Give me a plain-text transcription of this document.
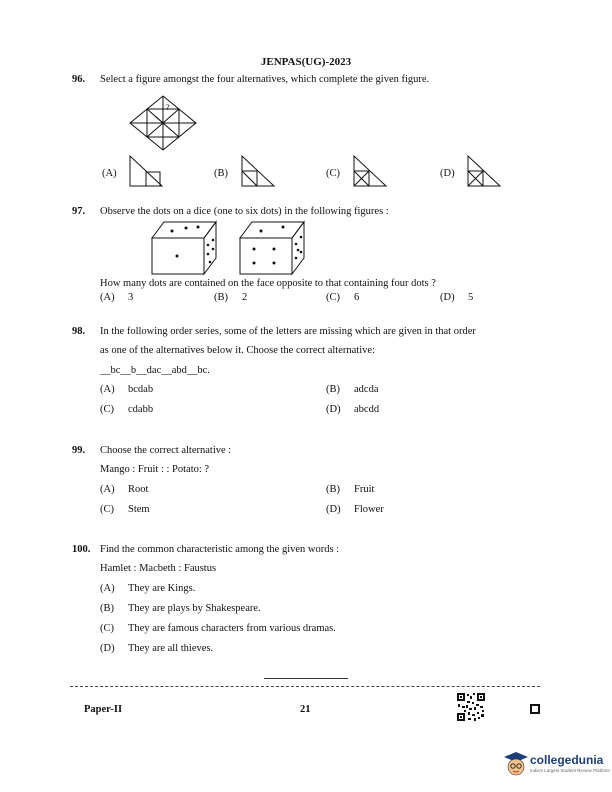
JENPAS(UG)-2023
96. Select a figure amongst the four alternatives, which complete the given figure.
?
(A)	(B)	(C)	(D)
97. Observe the dots on a dice (one to six dots) in the following figures :
How many dots are contained on the face opposite to that containing four dots ?
(A) 3	(B) 2	(C) 6	(D) 5
98. In the following order series, some of the letters are missing which are given in that order
as one of the alternatives below it. Choose the correct alternative:
__bc__b__dac__abd__bc.
(A) bcdab	(B) adcda
(C) cdabb	(D) abcdd
99. Choose the correct alternative :
Mango : Fruit : : Potato: ?
(A) Root	(B) Fruit
(C) Stem	(D) Flower
100. Find the common characteristic among the given words :
Hamlet : Macbeth : Faustus
(A) They are Kings.
(B) They are plays by Shakespeare.
(C) They are famous characters from various dramas.
(D) They are all thieves.
Paper-II	21
collegedunia
India's Largest Student Review Platform
